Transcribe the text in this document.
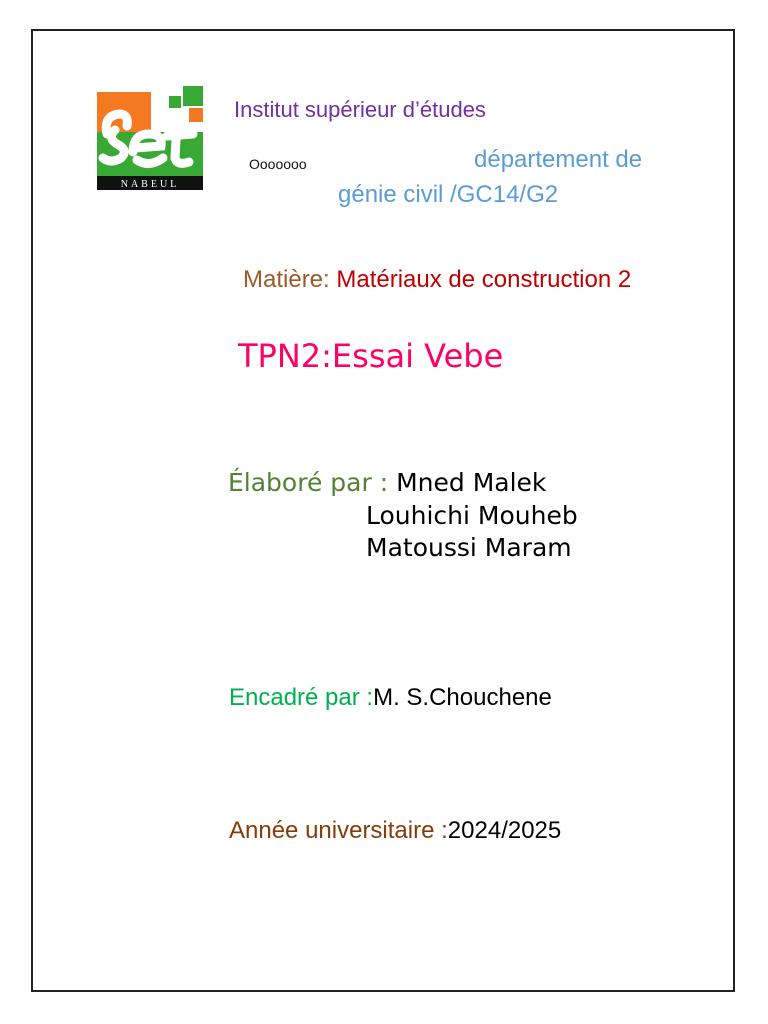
NABEUL
Institut supérieur d’études
Ooooooo	département de
génie civil /GC14/G2
Matière: Matériaux de construction 2
TPN2:Essai Vebe
Élaboré par : Mned Malek
Louhichi Mouheb
Matoussi Maram
Encadré par :M. S.Chouchene
Année universitaire :2024/2025
